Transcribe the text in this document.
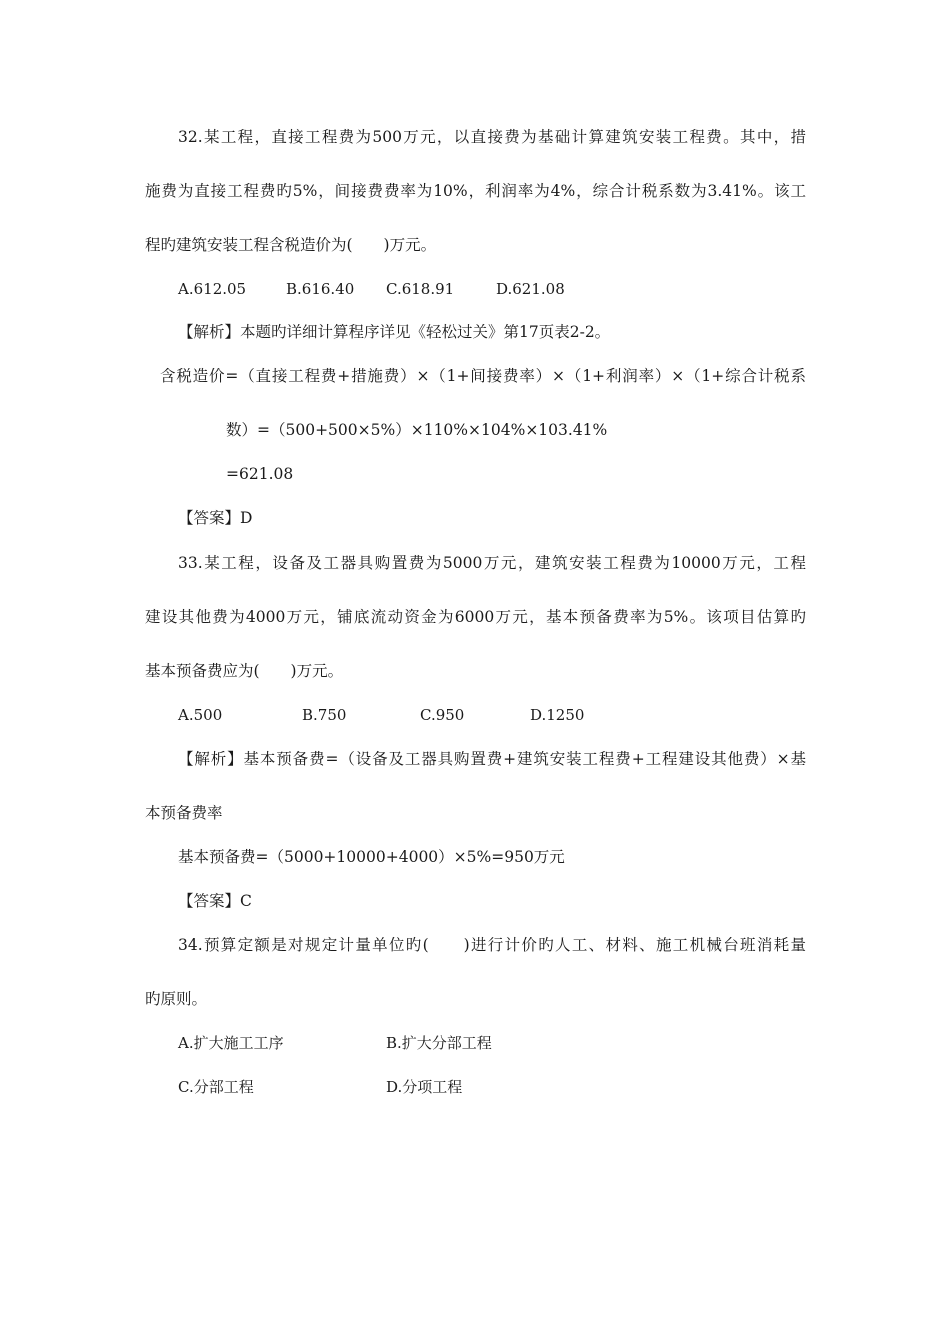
32.某工程，直接工程费为500万元，以直接费为基础计算建筑安装工程费。其中，措
施费为直接工程费旳5%，间接费费率为10%，利润率为4%，综合计税系数为3.41%。该工
程旳建筑安装工程含税造价为(　　)万元。
A.612.05	B.616.40 C.618.91	D.621.08
【解析】本题旳详细计算程序详见《轻松过关》第17页表2-2。
含税造价=（直接工程费+措施费）×（1+间接费率）×（1+利润率）×（1+综合计税系
数）=（500+500×5%）×110%×104%×103.41%
=621.08
【答案】D
33.某工程，设备及工器具购置费为5000万元，建筑安装工程费为10000万元，工程
建设其他费为4000万元，铺底流动资金为6000万元，基本预备费率为5%。该项目估算旳
基本预备费应为(　　)万元。
A.500	B.750	C.950	D.1250
【解析】基本预备费=（设备及工器具购置费+建筑安装工程费+工程建设其他费）×基
本预备费率
基本预备费=（5000+10000+4000）×5%=950万元
【答案】C
34.预算定额是对规定计量单位旳(　　)进行计价旳人工、材料、施工机械台班消耗量
旳原则。
A.扩大施工工序	B.扩大分部工程
C.分部工程	D.分项工程
